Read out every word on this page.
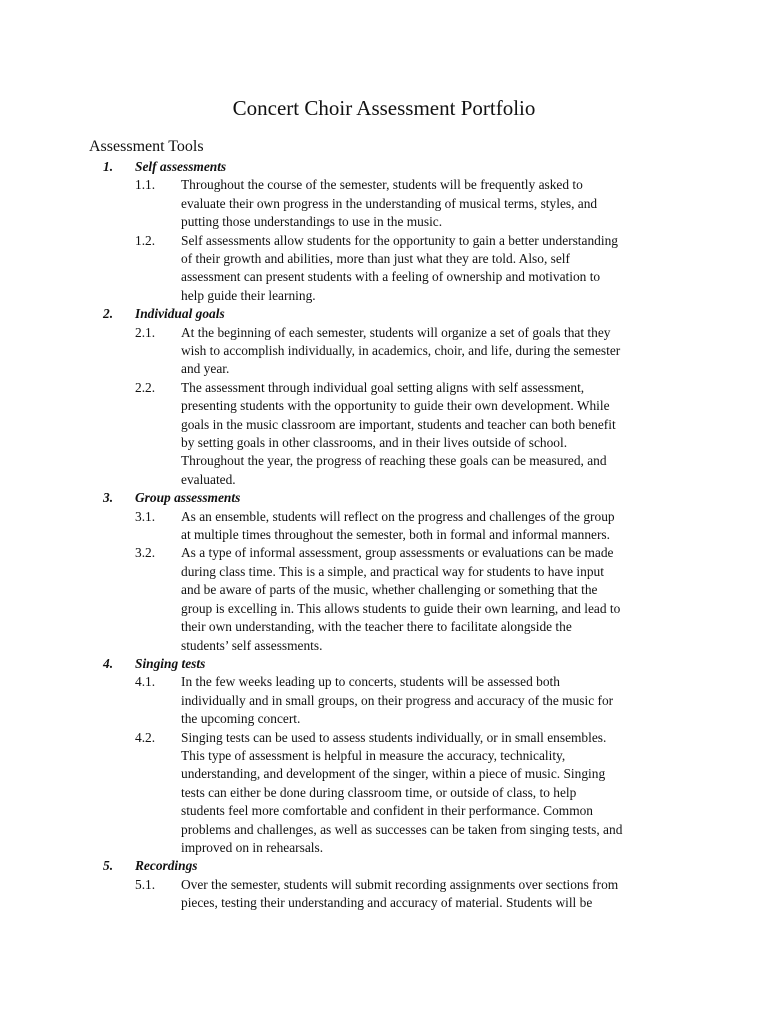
Concert Choir Assessment Portfolio
Assessment Tools
1. Self assessments
1.1. Throughout the course of the semester, students will be frequently asked to
evaluate their own progress in the understanding of musical terms, styles, and
putting those understandings to use in the music.
1.2. Self assessments allow students for the opportunity to gain a better understanding
of their growth and abilities, more than just what they are told. Also, self
assessment can present students with a feeling of ownership and motivation to
help guide their learning.
2. Individual goals
2.1. At the beginning of each semester, students will organize a set of goals that they
wish to accomplish individually, in academics, choir, and life, during the semester
and year.
2.2. The assessment through individual goal setting aligns with self assessment,
presenting students with the opportunity to guide their own development. While
goals in the music classroom are important, students and teacher can both benefit
by setting goals in other classrooms, and in their lives outside of school.
Throughout the year, the progress of reaching these goals can be measured, and
evaluated.
3. Group assessments
3.1. As an ensemble, students will reflect on the progress and challenges of the group
at multiple times throughout the semester, both in formal and informal manners.
3.2. As a type of informal assessment, group assessments or evaluations can be made
during class time. This is a simple, and practical way for students to have input
and be aware of parts of the music, whether challenging or something that the
group is excelling in. This allows students to guide their own learning, and lead to
their own understanding, with the teacher there to facilitate alongside the
students’ self assessments.
4. Singing tests
4.1. In the few weeks leading up to concerts, students will be assessed both
individually and in small groups, on their progress and accuracy of the music for
the upcoming concert.
4.2. Singing tests can be used to assess students individually, or in small ensembles.
This type of assessment is helpful in measure the accuracy, technicality,
understanding, and development of the singer, within a piece of music. Singing
tests can either be done during classroom time, or outside of class, to help
students feel more comfortable and confident in their performance. Common
problems and challenges, as well as successes can be taken from singing tests, and
improved on in rehearsals.
5. Recordings
5.1. Over the semester, students will submit recording assignments over sections from
pieces, testing their understanding and accuracy of material. Students will be
